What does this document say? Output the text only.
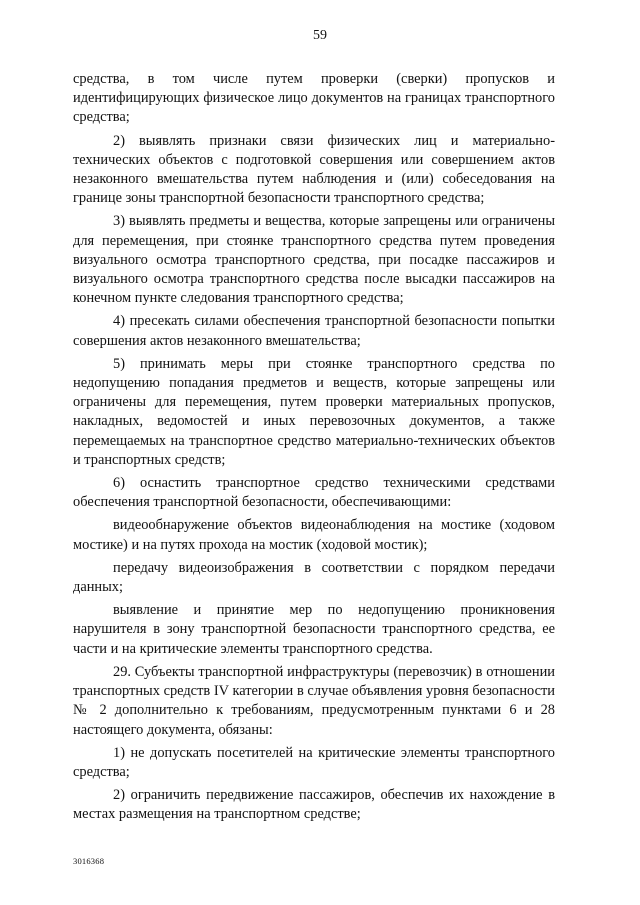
59

средства, в том числе путем проверки (сверки) пропусков и идентифицирующих физическое лицо документов на границах транспортного средства;

2) выявлять признаки связи физических лиц и материально-технических объектов с подготовкой совершения или совершением актов незаконного вмешательства путем наблюдения и (или) собеседования на границе зоны транспортной безопасности транспортного средства;

3) выявлять предметы и вещества, которые запрещены или ограничены для перемещения, при стоянке транспортного средства путем проведения визуального осмотра транспортного средства, при посадке пассажиров и визуального осмотра транспортного средства после высадки пассажиров на конечном пункте следования транспортного средства;

4) пресекать силами обеспечения транспортной безопасности попытки совершения актов незаконного вмешательства;

5) принимать меры при стоянке транспортного средства по недопущению попадания предметов и веществ, которые запрещены или ограничены для перемещения, путем проверки материальных пропусков, накладных, ведомостей и иных перевозочных документов, а также перемещаемых на транспортное средство материально-технических объектов и транспортных средств;

6) оснастить транспортное средство техническими средствами обеспечения транспортной безопасности, обеспечивающими:

видеообнаружение объектов видеонаблюдения на мостике (ходовом мостике) и на путях прохода на мостик (ходовой мостик);

передачу видеоизображения в соответствии с порядком передачи данных;

выявление и принятие мер по недопущению проникновения нарушителя в зону транспортной безопасности транспортного средства, ее части и на критические элементы транспортного средства.

29. Субъекты транспортной инфраструктуры (перевозчик) в отношении транспортных средств IV категории в случае объявления уровня безопасности № 2 дополнительно к требованиям, предусмотренным пунктами 6 и 28 настоящего документа, обязаны:

1) не допускать посетителей на критические элементы транспортного средства;

2) ограничить передвижение пассажиров, обеспечив их нахождение в местах размещения на транспортном средстве;

3016368
